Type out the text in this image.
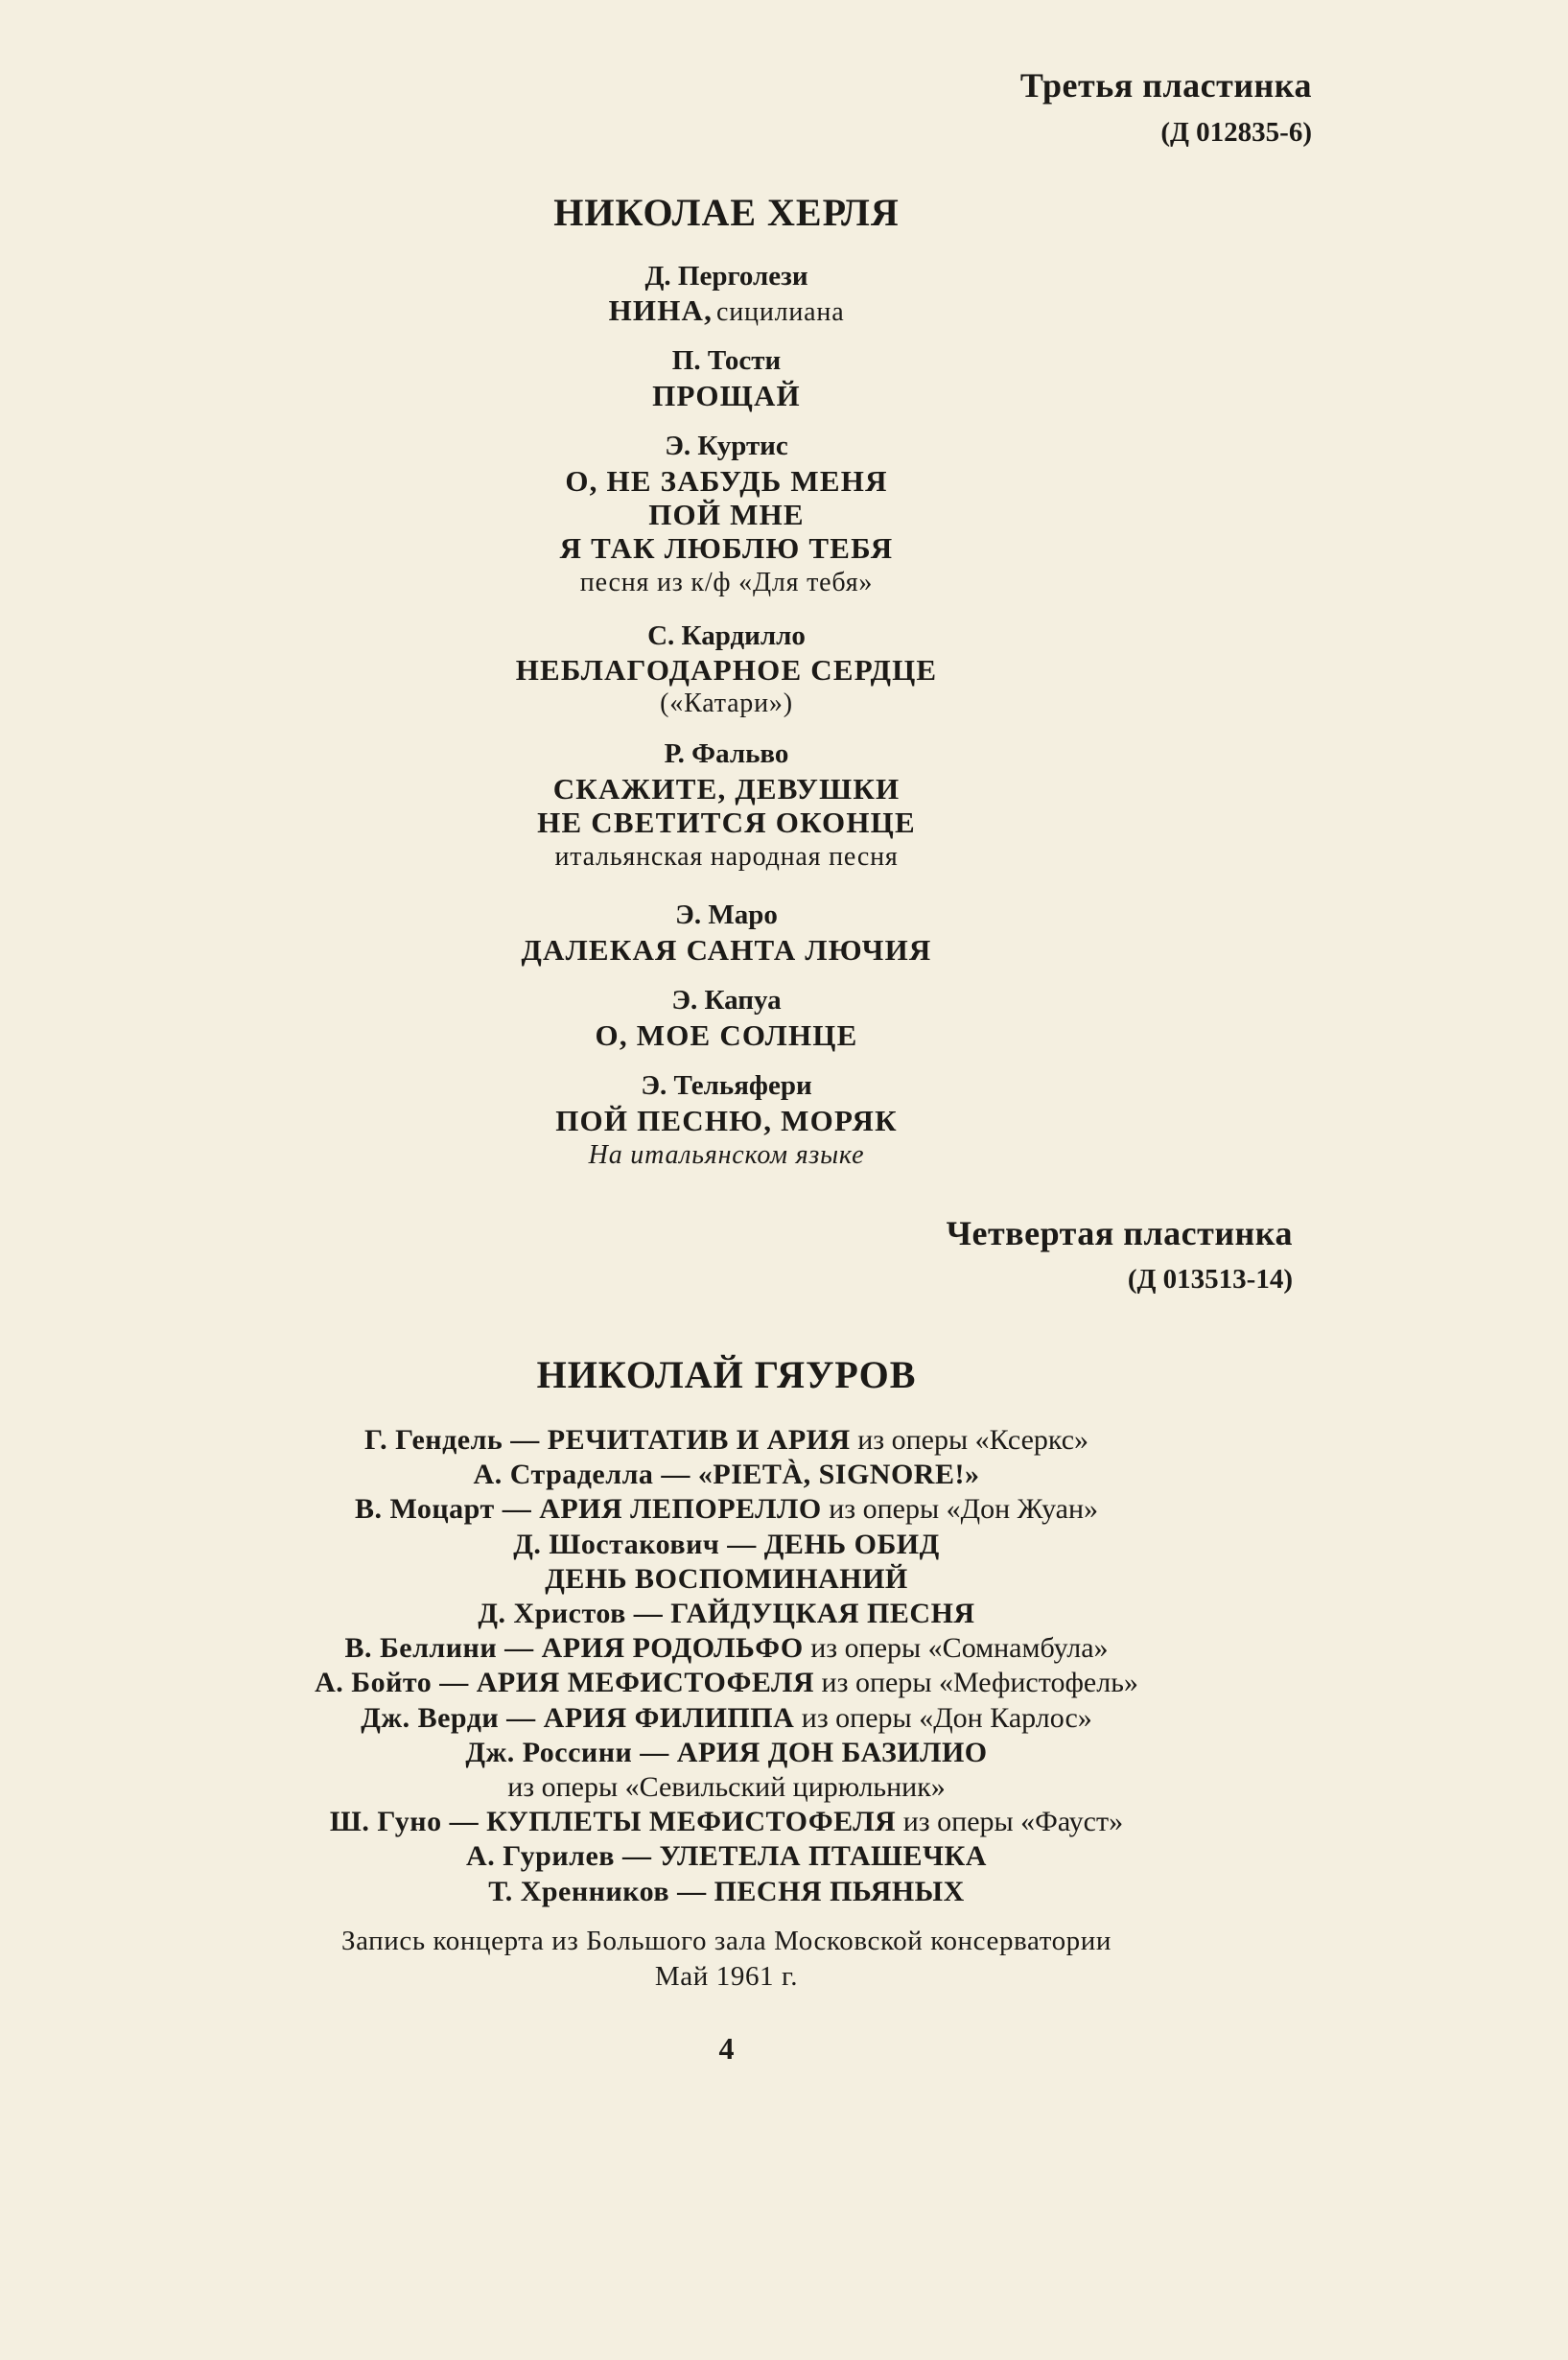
Третья пластинка
(Д 012835-6)
НИКОЛАЕ ХЕРЛЯ
Д. Перголези
НИНА, сицилиана
П. Тости
ПРОЩАЙ
Э. Куртис
О, НЕ ЗАБУДЬ МЕНЯ
ПОЙ МНЕ
Я ТАК ЛЮБЛЮ ТЕБЯ
песня из к/ф «Для тебя»
С. Кардилло
НЕБЛАГОДАРНОЕ СЕРДЦЕ
(«Катари»)
Р. Фальво
СКАЖИТЕ, ДЕВУШКИ
НЕ СВЕТИТСЯ ОКОНЦЕ
итальянская народная песня
Э. Маро
ДАЛЕКАЯ САНТА ЛЮЧИЯ
Э. Капуа
О, МОЕ СОЛНЦЕ
Э. Тельяфери
ПОЙ ПЕСНЮ, МОРЯК
На итальянском языке
Четвертая пластинка
(Д 013513-14)
НИКОЛАЙ ГЯУРОВ
Г. Гендель — РЕЧИТАТИВ И АРИЯ из оперы «Ксеркс»
А. Страделла — «PIETÀ, SIGNORE!»
В. Моцарт — АРИЯ ЛЕПОРЕЛЛО из оперы «Дон Жуан»
Д. Шостакович — ДЕНЬ ОБИД
ДЕНЬ ВОСПОМИНАНИЙ
Д. Христов — ГАЙДУЦКАЯ ПЕСНЯ
В. Беллини — АРИЯ РОДОЛЬФО из оперы «Сомнамбула»
А. Бойто — АРИЯ МЕФИСТОФЕЛЯ из оперы «Мефистофель»
Дж. Верди — АРИЯ ФИЛИППА из оперы «Дон Карлос»
Дж. Россини — АРИЯ ДОН БАЗИЛИО
из оперы «Севильский цирюльник»
Ш. Гуно — КУПЛЕТЫ МЕФИСТОФЕЛЯ из оперы «Фауст»
А. Гурилев — УЛЕТЕЛА ПТАШЕЧКА
Т. Хренников — ПЕСНЯ ПЬЯНЫХ
Запись концерта из Большого зала Московской консерватории
Май 1961 г.
4
